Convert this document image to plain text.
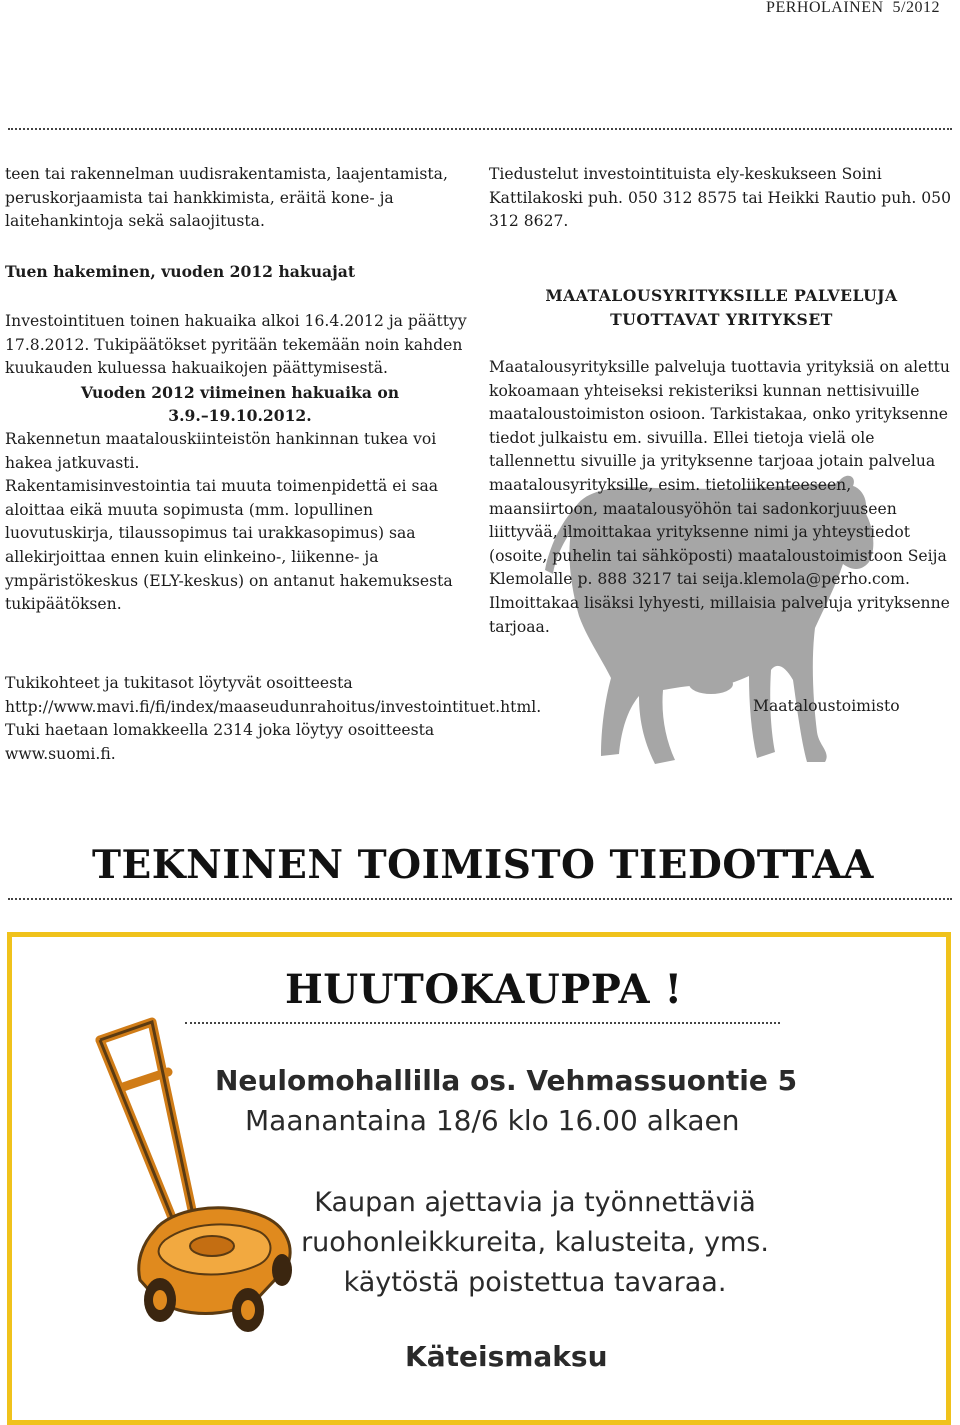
PERHOLAINEN 5/2012

teen tai rakennelman uudisrakentamista, laajentamista, peruskorjaamista tai hankkimista, eräitä kone- ja laitehankintoja sekä salaojitusta.

Tuen hakeminen, vuoden 2012 hakuajat

Investointituen toinen hakuaika alkoi 16.4.2012 ja päättyy 17.8.2012. Tukipäätökset pyritään tekemään noin kahden kuukauden kuluessa hakuaikojen päättymisestä.

Vuoden 2012 viimeinen hakuaika on

3.9.–19.10.2012.

Rakennetun maatalouskiinteistön hankinnan tukea voi hakea jatkuvasti.

Rakentamisinvestointia tai muuta toimenpidettä ei saa aloittaa eikä muuta sopimusta (mm. lopullinen luovutuskirja, tilaussopimus tai urakkasopimus) saa allekirjoittaa ennen kuin elinkeino-, liikenne- ja ympäristökeskus (ELY-keskus) on antanut hakemuksesta tukipäätöksen.

Tukikohteet ja tukitasot löytyvät osoitteesta http://www.mavi.fi/fi/index/maaseudunrahoitus/investointituet.html. Tuki haetaan lomakkeella 2314 joka löytyy osoitteesta www.suomi.fi.
Tiedustelut investointituista ely-keskukseen Soini Kattilakoski puh. 050 312 8575 tai Heikki Rautio puh. 050 312 8627.
MAATALOUSYRITYKSILLE PALVELUJA
TUOTTAVAT YRITYKSET
Maatalousyrityksille palveluja tuottavia yrityksiä on alettu kokoamaan yhteiseksi rekisteriksi kunnan nettisivuille maataloustoimiston osioon. Tarkistakaa, onko yrityksenne tiedot julkaistu em. sivuilla. Ellei tietoja vielä ole tallennettu sivuille ja yrityksenne tarjoaa jotain palvelua maatalousyrityksille, esim. tietoliikenteeseen, maansiirtoon, maatalousyöhön tai sadonkorjuuseen liittyvää, ilmoittakaa yrityksenne nimi ja yhteystiedot (osoite, puhelin tai sähköposti) maataloustoimistoon Seija Klemolalle p. 888 3217 tai seija.klemola@perho.com. Ilmoittakaa lisäksi lyhyesti, millaisia palveluja yrityksenne tarjoaa.
Maataloustoimisto
TEKNINEN TOIMISTO TIEDOTTAA
HUUTOKAUPPA !
Neulomohallilla os. Vehmassuontie 5
Maanantaina 18/6 klo 16.00 alkaen
Kaupan ajettavia ja työnnettäviä
ruohonleikkureita, kalusteita, yms.
käytöstä poistettua tavaraa.
Käteismaksu
